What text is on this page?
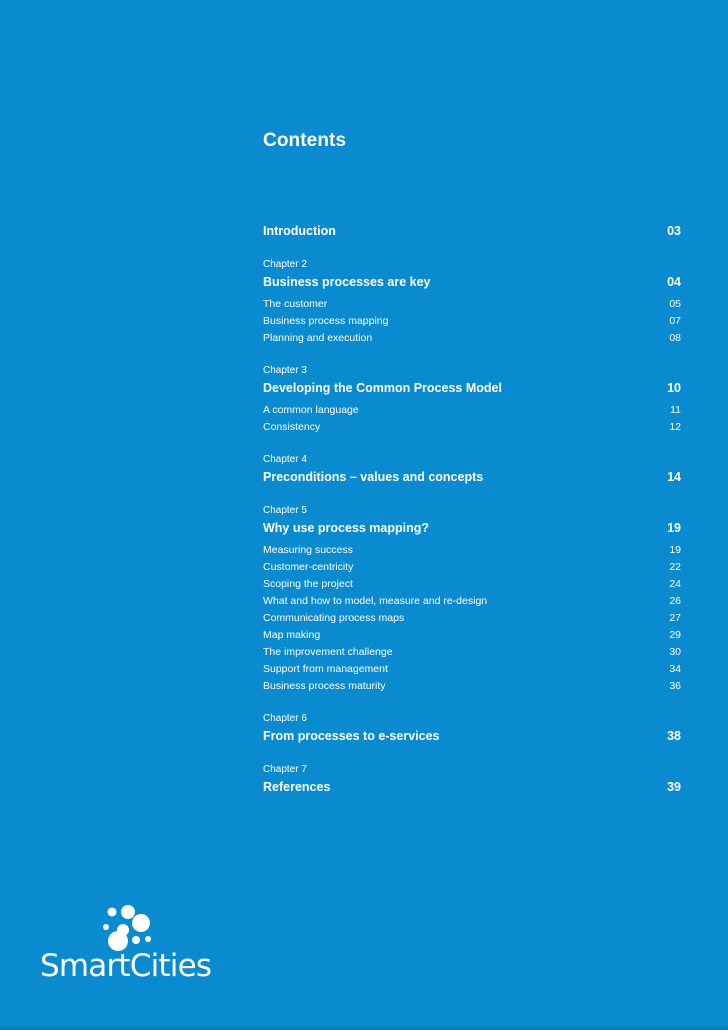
Contents
Introduction	03
Chapter 2
Business processes are key	04
The customer	05
Business process mapping	07
Planning and execution	08
Chapter 3
Developing the Common Process Model	10
A common language	11
Consistency	12
Chapter 4
Preconditions – values and concepts	14
Chapter 5
Why use process mapping?	19
Measuring success	19
Customer-centricity	22
Scoping the project	24
What and how to model, measure and re-design	26
Communicating process maps	27
Map making	29
The improvement challenge	30
Support from management	34
Business process maturity	36
Chapter 6
From processes to e-services	38
Chapter 7
References	39
SmartCities
